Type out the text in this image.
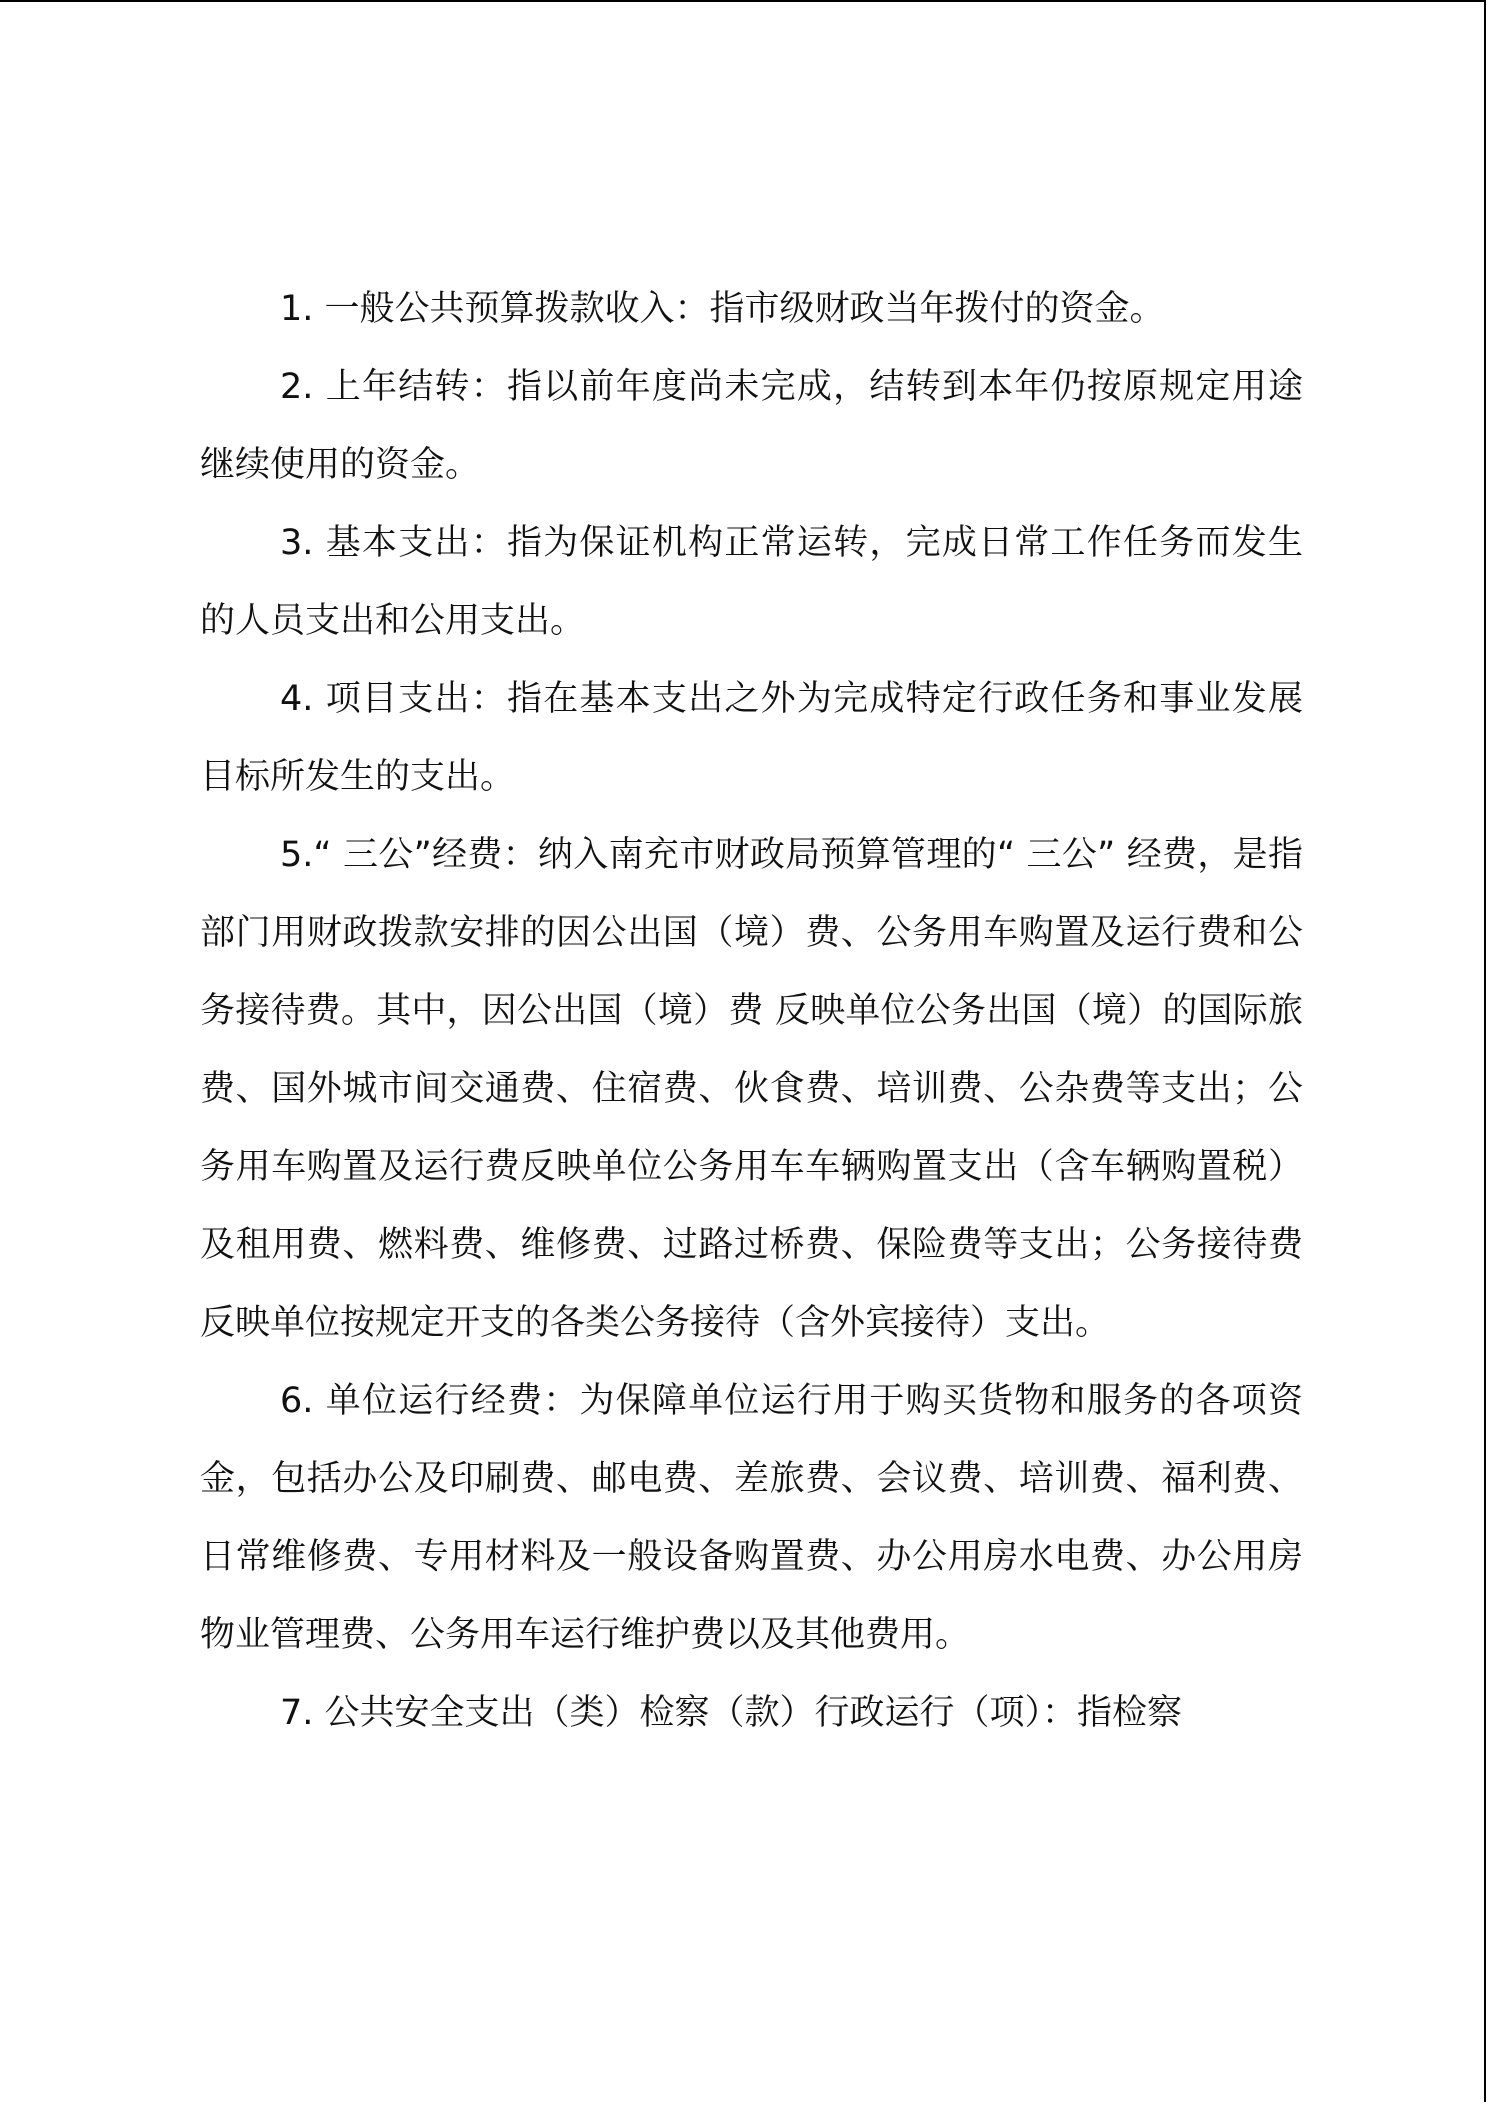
1. 一般公共预算拨款收入：指市级财政当年拨付的资金。

2. 上年结转：指以前年度尚未完成，结转到本年仍按原规定用途继续使用的资金。

3. 基本支出：指为保证机构正常运转，完成日常工作任务而发生的人员支出和公用支出。

4. 项目支出：指在基本支出之外为完成特定行政任务和事业发展目标所发生的支出。

5.“ 三公”经费：纳入南充市财政局预算管理的“ 三公” 经费，是指部门用财政拨款安排的因公出国（境）费、公务用车购置及运行费和公务接待费。其中，因公出国（境）费 反映单位公务出国（境）的国际旅费、国外城市间交通费、住宿费、伙食费、培训费、公杂费等支出；公务用车购置及运行费反映单位公务用车车辆购置支出（含车辆购置税）及租用费、燃料费、维修费、过路过桥费、保险费等支出；公务接待费反映单位按规定开支的各类公务接待（含外宾接待）支出。

6. 单位运行经费：为保障单位运行用于购买货物和服务的各项资金，包括办公及印刷费、邮电费、差旅费、会议费、培训费、福利费、日常维修费、专用材料及一般设备购置费、办公用房水电费、办公用房物业管理费、公务用车运行维护费以及其他费用。

7. 公共安全支出（类）检察（款）行政运行（项）：指检察
